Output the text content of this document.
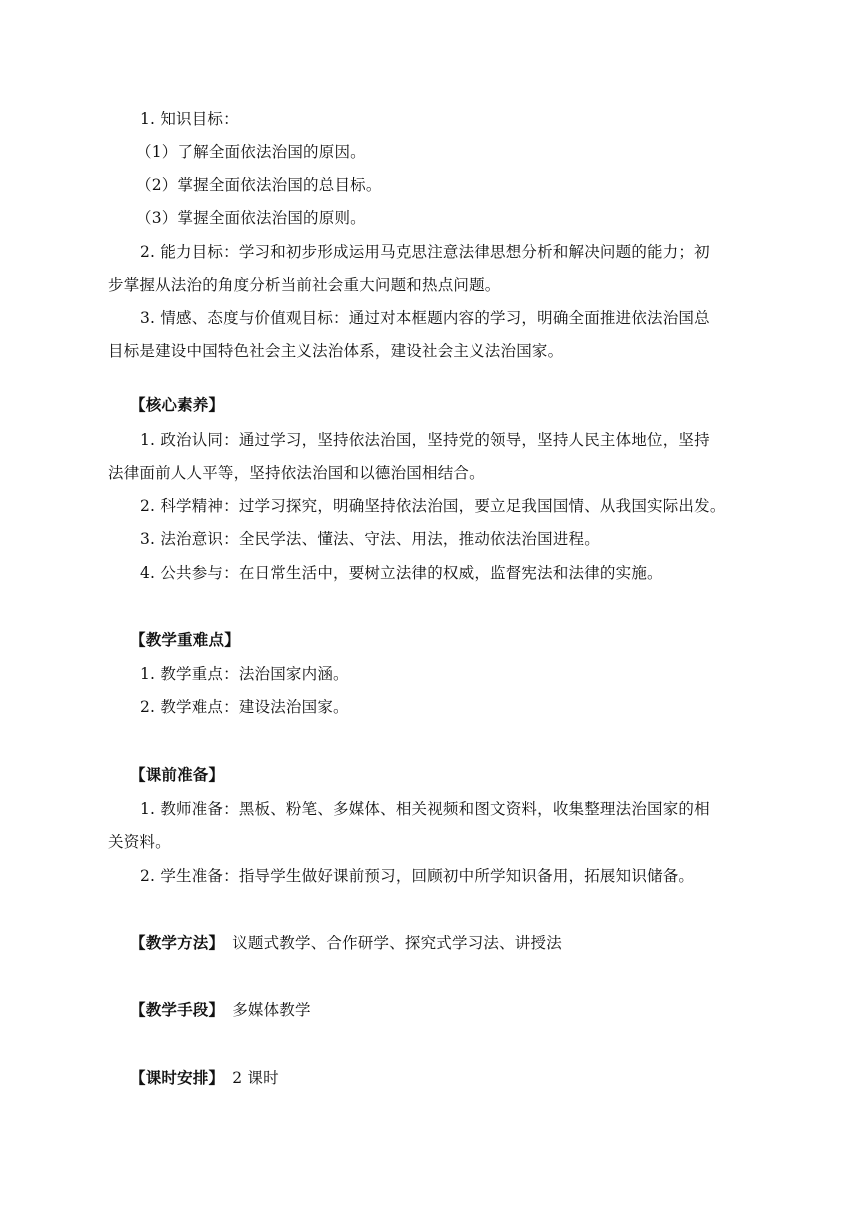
1. 知识目标：
（1）了解全面依法治国的原因。
（2）掌握全面依法治国的总目标。
（3）掌握全面依法治国的原则。
2. 能力目标：学习和初步形成运用马克思注意法律思想分析和解决问题的能力；初
步掌握从法治的角度分析当前社会重大问题和热点问题。
3. 情感、态度与价值观目标：通过对本框题内容的学习，明确全面推进依法治国总
目标是建设中国特色社会主义法治体系，建设社会主义法治国家。
【核心素养】
1. 政治认同：通过学习，坚持依法治国，坚持党的领导，坚持人民主体地位，坚持
法律面前人人平等，坚持依法治国和以德治国相结合。
2. 科学精神：过学习探究，明确坚持依法治国，要立足我国国情、从我国实际出发。
3. 法治意识：全民学法、懂法、守法、用法，推动依法治国进程。
4. 公共参与：在日常生活中，要树立法律的权威，监督宪法和法律的实施。
【教学重难点】
1. 教学重点：法治国家内涵。
2. 教学难点：建设法治国家。
【课前准备】
1. 教师准备：黑板、粉笔、多媒体、相关视频和图文资料，收集整理法治国家的相
关资料。
2. 学生准备：指导学生做好课前预习，回顾初中所学知识备用，拓展知识储备。
【教学方法】 议题式教学、合作研学、探究式学习法、讲授法
【教学手段】 多媒体教学
【课时安排】 2 课时
